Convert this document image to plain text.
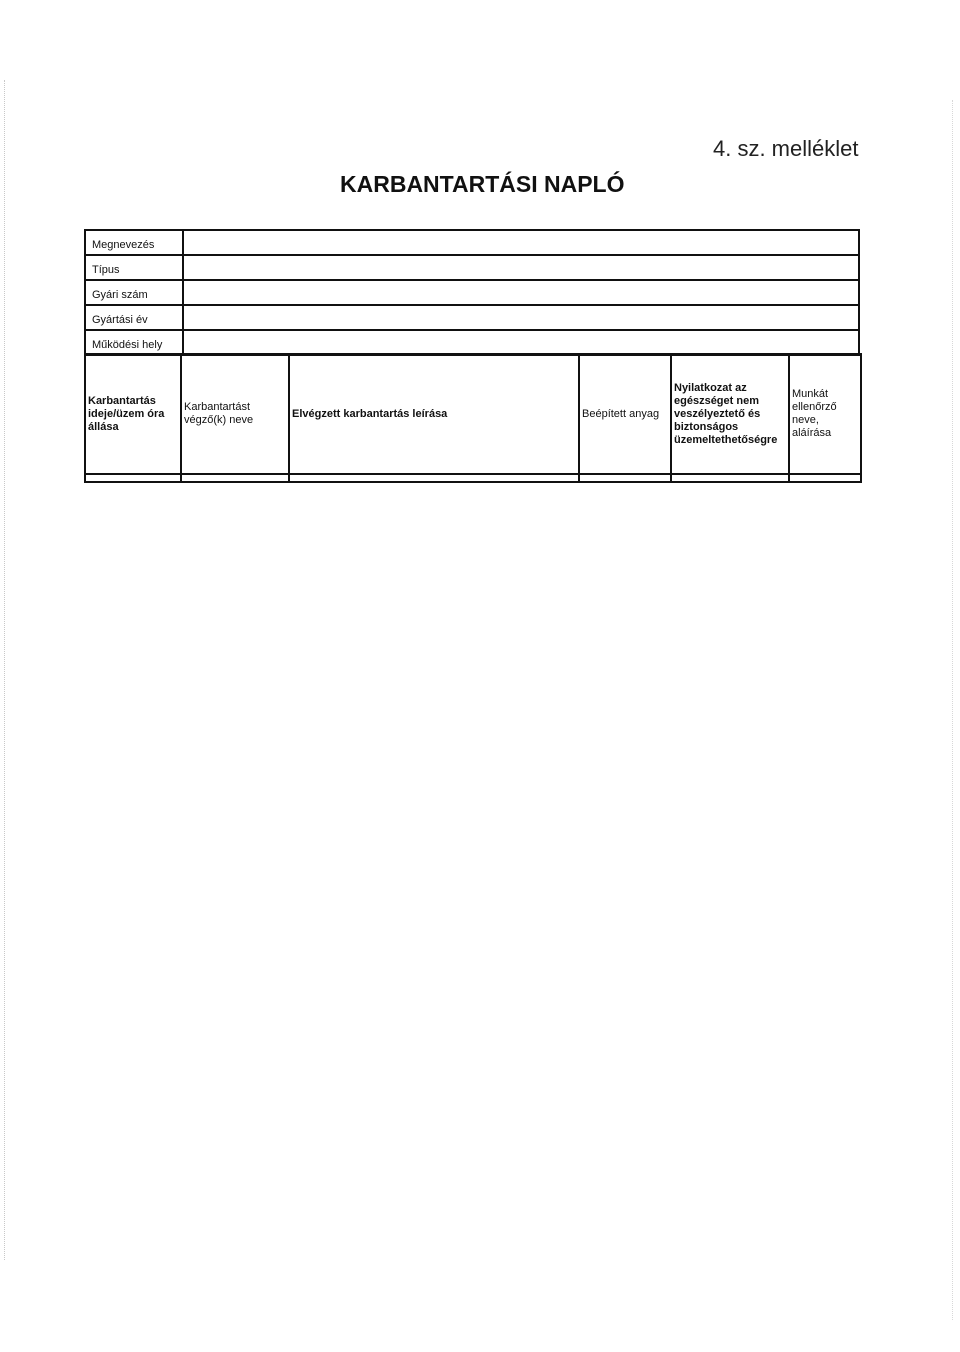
4. sz. melléklet
KARBANTARTÁSI NAPLÓ
Megnevezés	
Típus	
Gyári szám	
Gyártási év	
Működési hely	
Karbantartás ideje/üzem óra állása	Karbantartást végző(k) neve	Elvégzett karbantartás leírása	Beépített anyag	Nyilatkozat az egészséget nem veszélyeztető és biztonságos üzemeltethetőségre	Munkát ellenőrző neve, aláírása
